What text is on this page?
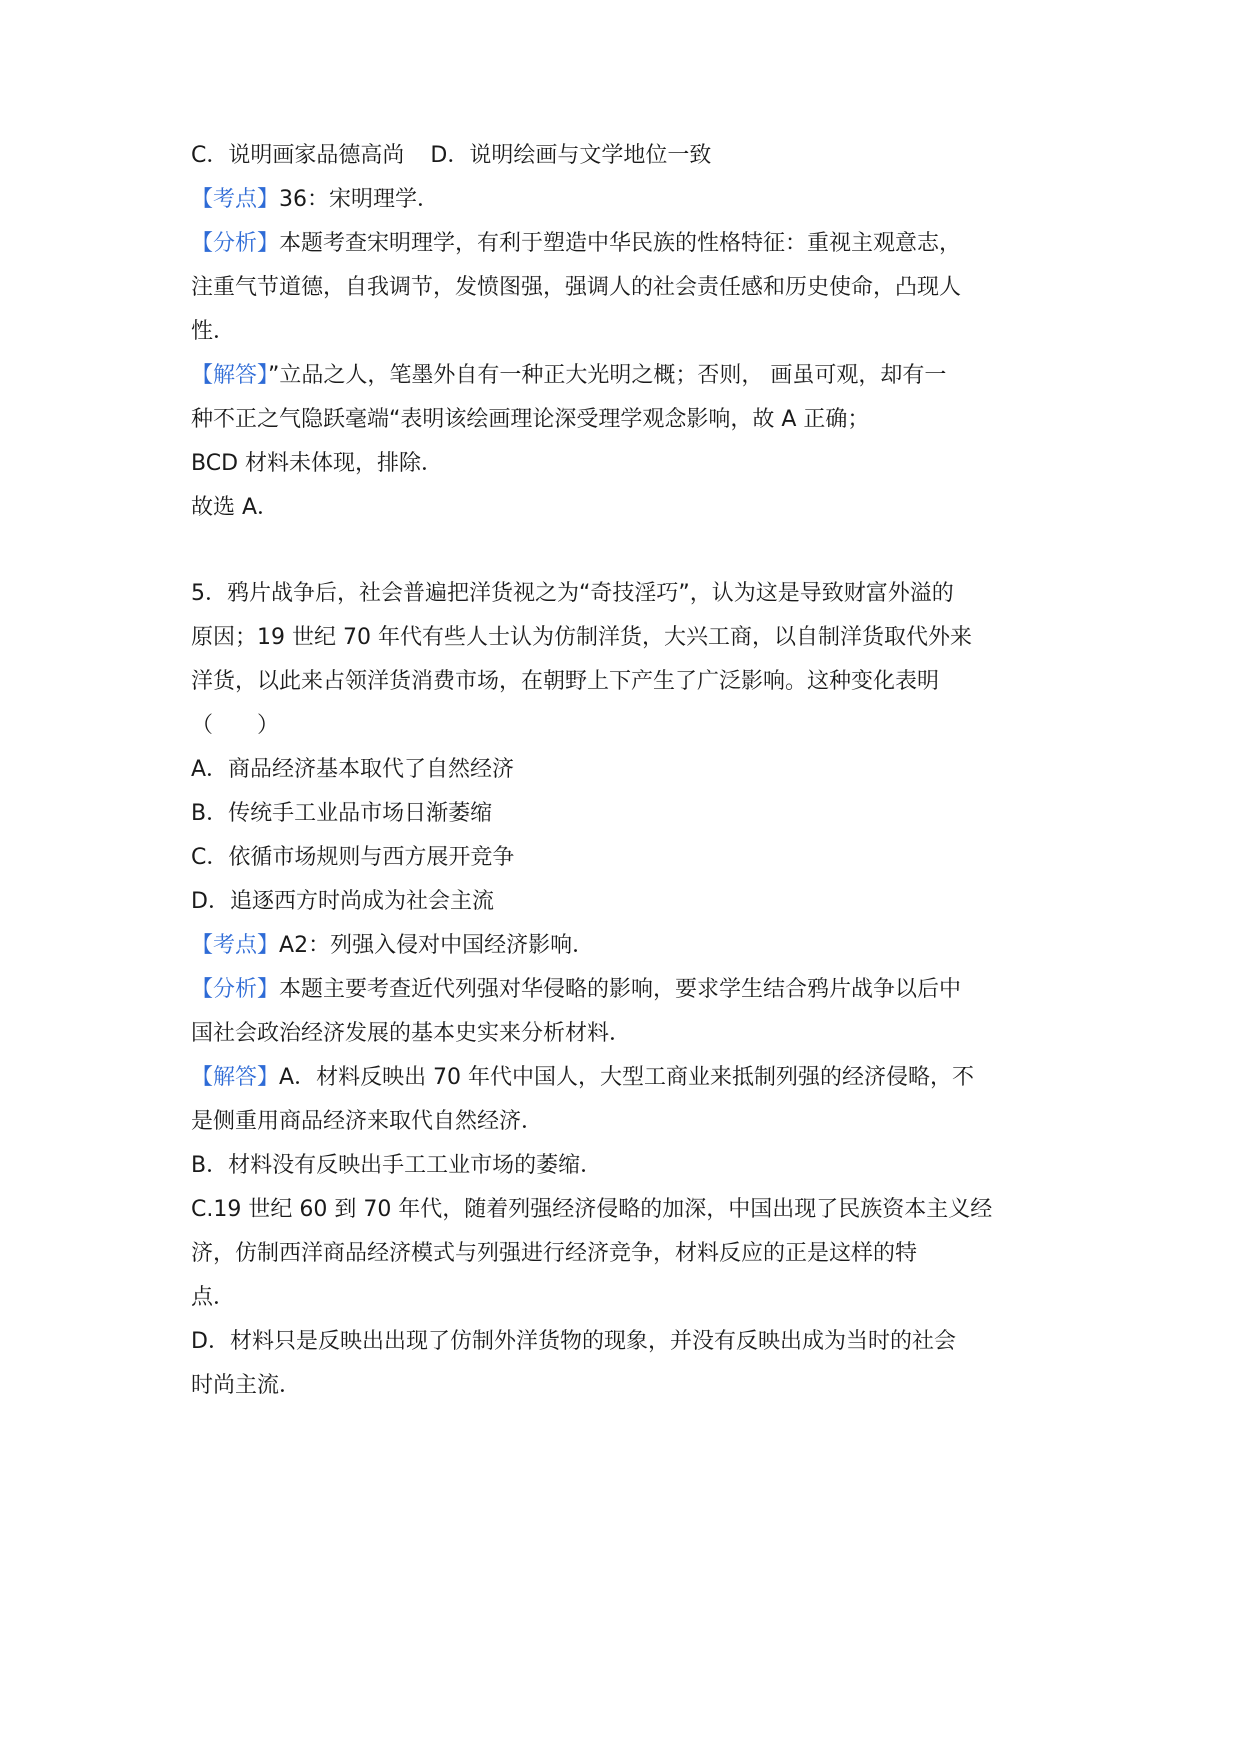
C．说明画家品德高尚 D．说明绘画与文学地位一致
【考点】36：宋明理学．
【分析】本题考查宋明理学，有利于塑造中华民族的性格特征：重视主观意志，
注重气节道德，自我调节，发愤图强，强调人的社会责任感和历史使命，凸现人
性．
【解答】”立品之人，笔墨外自有一种正大光明之概；否则， 画虽可观，却有一
种不正之气隐跃毫端“表明该绘画理论深受理学观念影响，故 A 正确；
BCD 材料未体现，排除．
故选 A．
5．鸦片战争后，社会普遍把洋货视之为“奇技淫巧”，认为这是导致财富外溢的
原因；19 世纪 70 年代有些人士认为仿制洋货，大兴工商，以自制洋货取代外来
洋货，以此来占领洋货消费市场，在朝野上下产生了广泛影响。这种变化表明
（　　）
A．商品经济基本取代了自然经济
B．传统手工业品市场日渐萎缩
C．依循市场规则与西方展开竞争
D．追逐西方时尚成为社会主流
【考点】A2：列强入侵对中国经济影响．
【分析】本题主要考查近代列强对华侵略的影响，要求学生结合鸦片战争以后中
国社会政治经济发展的基本史实来分析材料．
【解答】A．材料反映出 70 年代中国人，大型工商业来抵制列强的经济侵略，不
是侧重用商品经济来取代自然经济．
B．材料没有反映出手工工业市场的萎缩．
C.19 世纪 60 到 70 年代，随着列强经济侵略的加深，中国出现了民族资本主义经
济，仿制西洋商品经济模式与列强进行经济竞争，材料反应的正是这样的特
点．
D．材料只是反映出出现了仿制外洋货物的现象，并没有反映出成为当时的社会
时尚主流．
